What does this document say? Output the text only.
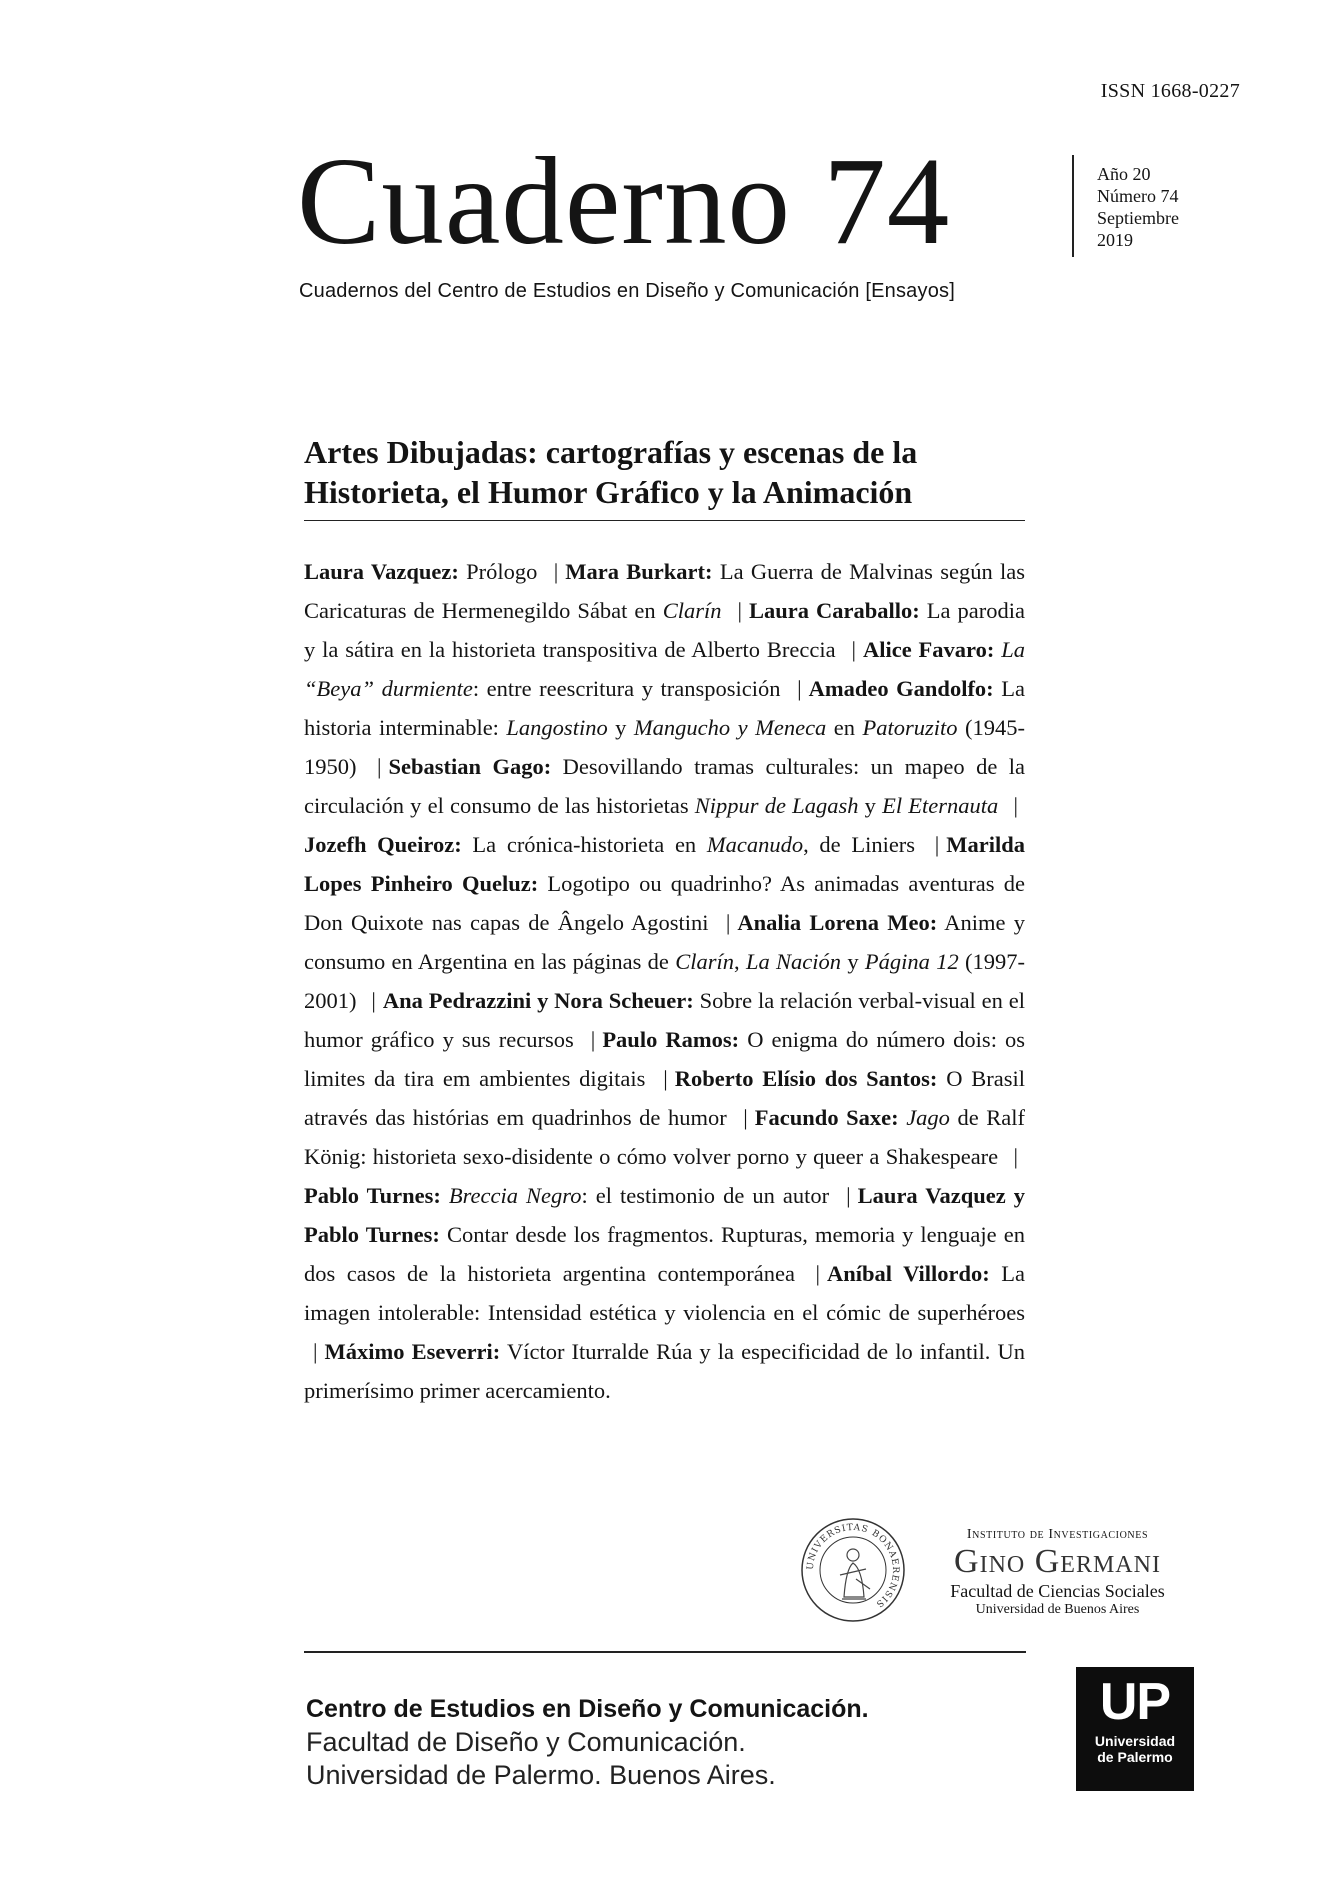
ISSN 1668-0227
Cuaderno 74	Año 20
Número 74
Septiembre
2019
Cuadernos del Centro de Estudios en Diseño y Comunicación [Ensayos]
Artes Dibujadas: cartografías y escenas de la
Historieta, el Humor Gráfico y la Animación
Laura Vazquez: Prólogo | Mara Burkart: La Guerra de Malvinas según las Caricaturas de Hermenegildo Sábat en Clarín | Laura Caraballo: La parodia y la sátira en la historieta transpositiva de Alberto Breccia | Alice Favaro: La “Beya” durmiente: entre reescritura y transposición | Amadeo Gandolfo: La historia interminable: Langostino y Mangucho y Meneca en Patoruzito (1945-1950) | Sebastian Gago: Desovillando tramas culturales: un mapeo de la circulación y el consumo de las historietas Nippur de Lagash y El Eternauta |Jozefh Queiroz: La crónica-historieta en Macanudo, de Liniers | Marilda Lopes Pinheiro Queluz: Logotipo ou quadrinho? As animadas aventuras de Don Quixote nas capas de Ângelo Agostini | Analia Lorena Meo: Anime y consumo en Argentina en las páginas de Clarín, La Nación y Página 12 (1997-2001) | Ana Pedrazzini y Nora Scheuer: Sobre la relación verbal-visual en el humor gráfico y sus recursos | Paulo Ramos: O enigma do número dois: os limites da tira em ambientes digitais | Roberto Elísio dos Santos: O Brasil através das histórias em quadrinhos de humor | Facundo Saxe: Jago de Ralf König: historieta sexo-disidente o cómo volver porno y queer a Shakespeare |Pablo Turnes: Breccia Negro: el testimonio de un autor | Laura Vazquez y Pablo Turnes: Contar desde los fragmentos. Rupturas, memoria y lenguaje en dos casos de la historieta argentina contemporánea | Aníbal Villordo: La imagen intolerable: Intensidad estética y violencia en el cómic de superhéroes | Máximo Eseverri: Víctor Iturralde Rúa y la especificidad de lo infantil. Un primerísimo primer acercamiento.
UNIVERSITAS BONAERENSIS
Instituto de Investigaciones
Gino Germani
Facultad de Ciencias Sociales
Universidad de Buenos Aires
Centro de Estudios en Diseño y Comunicación.
Facultad de Diseño y Comunicación.
Universidad de Palermo. Buenos Aires.
UP
Universidad
de Palermo
